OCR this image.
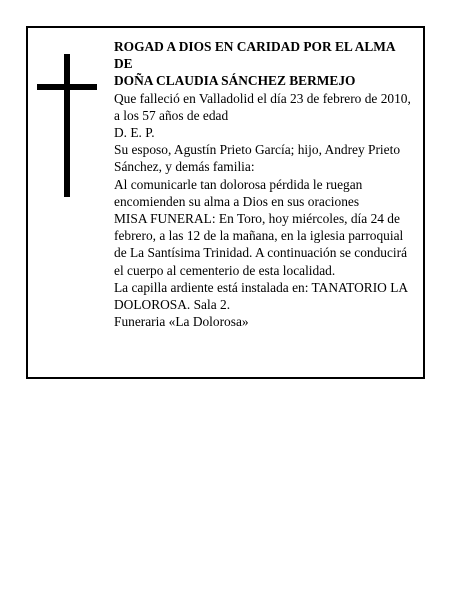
ROGAD A DIOS EN CARIDAD POR EL ALMA
DE
DOÑA CLAUDIA SÁNCHEZ BERMEJO
Que falleció en Valladolid el día 23 de febrero de 2010,
a los 57 años de edad
D. E. P.
Su esposo, Agustín Prieto García; hijo, Andrey Prieto
Sánchez, y demás familia:
Al comunicarle tan dolorosa pérdida le ruegan
encomienden su alma a Dios en sus oraciones
MISA FUNERAL: En Toro, hoy miércoles, día 24 de
febrero, a las 12 de la mañana, en la iglesia parroquial
de La Santísima Trinidad. A continuación se conducirá
el cuerpo al cementerio de esta localidad.
La capilla ardiente está instalada en: TANATORIO LA
DOLOROSA. Sala 2.
Funeraria «La Dolorosa»
